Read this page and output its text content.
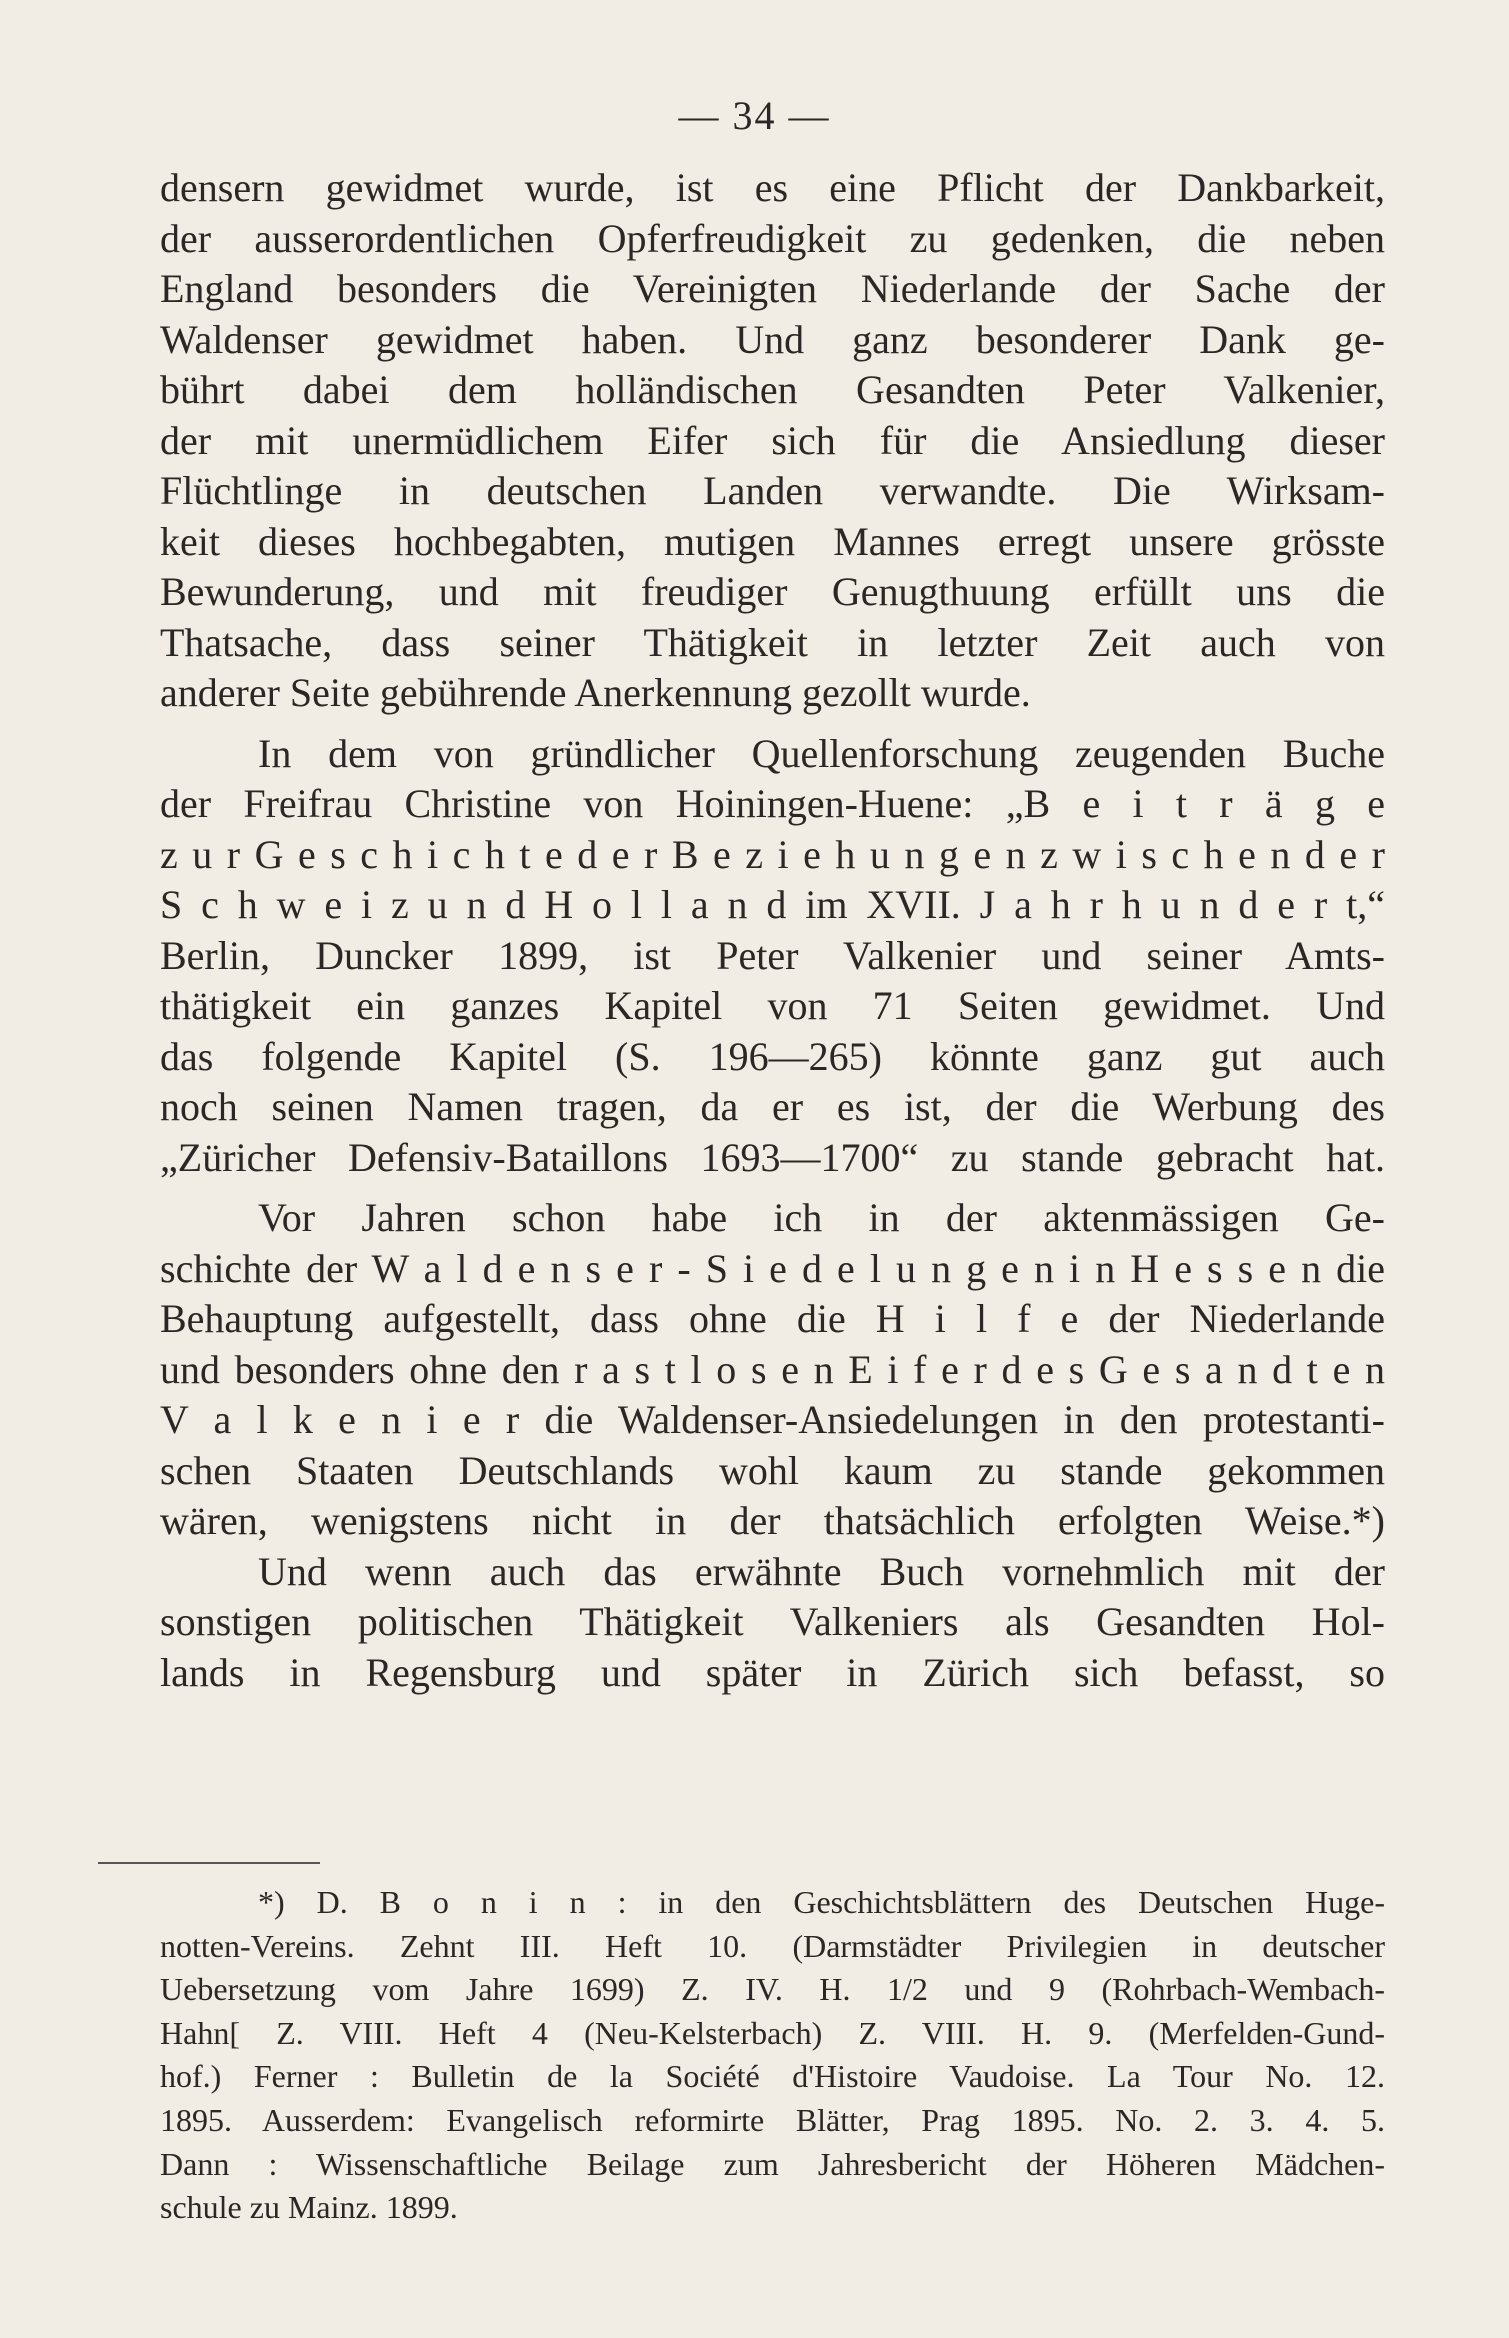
— 34 —
densern gewidmet wurde, ist es eine Pflicht der Dankbarkeit,
der ausserordentlichen Opferfreudigkeit zu gedenken, die neben
England besonders die Vereinigten Niederlande der Sache der
Waldenser gewidmet haben. Und ganz besonderer Dank ge-
bührt dabei dem holländischen Gesandten Peter Valkenier,
der mit unermüdlichem Eifer sich für die Ansiedlung dieser
Flüchtlinge in deutschen Landen verwandte. Die Wirksam-
keit dieses hochbegabten, mutigen Mannes erregt unsere grösste
Bewunderung, und mit freudiger Genugthuung erfüllt uns die
Thatsache, dass seiner Thätigkeit in letzter Zeit auch von
anderer Seite gebührende Anerkennung gezollt wurde.
In dem von gründlicher Quellenforschung zeugenden Buche
der Freifrau Christine von Hoiningen-Huene: „B e i t r ä g e
z u r G e s c h i c h t e d e r B e z i e h u n g e n z w i s c h e n d e r
S c h w e i z u n d H o l l a n d im XVII. J a h r h u n d e r t,“
Berlin, Duncker 1899, ist Peter Valkenier und seiner Amts-
thätigkeit ein ganzes Kapitel von 71 Seiten gewidmet. Und
das folgende Kapitel (S. 196—265) könnte ganz gut auch
noch seinen Namen tragen, da er es ist, der die Werbung des
„Züricher Defensiv-Bataillons 1693—1700“ zu stande gebracht hat.
Vor Jahren schon habe ich in der aktenmässigen Ge-
schichte der W a l d e n s e r - S i e d e l u n g e n i n H e s s e n die
Behauptung aufgestellt, dass ohne die H i l f e der Niederlande
und besonders ohne den r a s t l o s e n E i f e r d e s G e s a n d t e n
V a l k e n i e r die Waldenser-Ansiedelungen in den protestanti-
schen Staaten Deutschlands wohl kaum zu stande gekommen
wären, wenigstens nicht in der thatsächlich erfolgten Weise.*)
Und wenn auch das erwähnte Buch vornehmlich mit der
sonstigen politischen Thätigkeit Valkeniers als Gesandten Hol-
lands in Regensburg und später in Zürich sich befasst, so
*) D. B o n i n : in den Geschichtsblättern des Deutschen Huge-
notten-Vereins. Zehnt III. Heft 10. (Darmstädter Privilegien in deutscher
Uebersetzung vom Jahre 1699) Z. IV. H. 1/2 und 9 (Rohrbach-Wembach-
Hahn[ Z. VIII. Heft 4 (Neu-Kelsterbach) Z. VIII. H. 9. (Merfelden-Gund-
hof.) Ferner : Bulletin de la Société d'Histoire Vaudoise. La Tour No. 12.
1895. Ausserdem: Evangelisch reformirte Blätter, Prag 1895. No. 2. 3. 4. 5.
Dann : Wissenschaftliche Beilage zum Jahresbericht der Höheren Mädchen-
schule zu Mainz. 1899.
